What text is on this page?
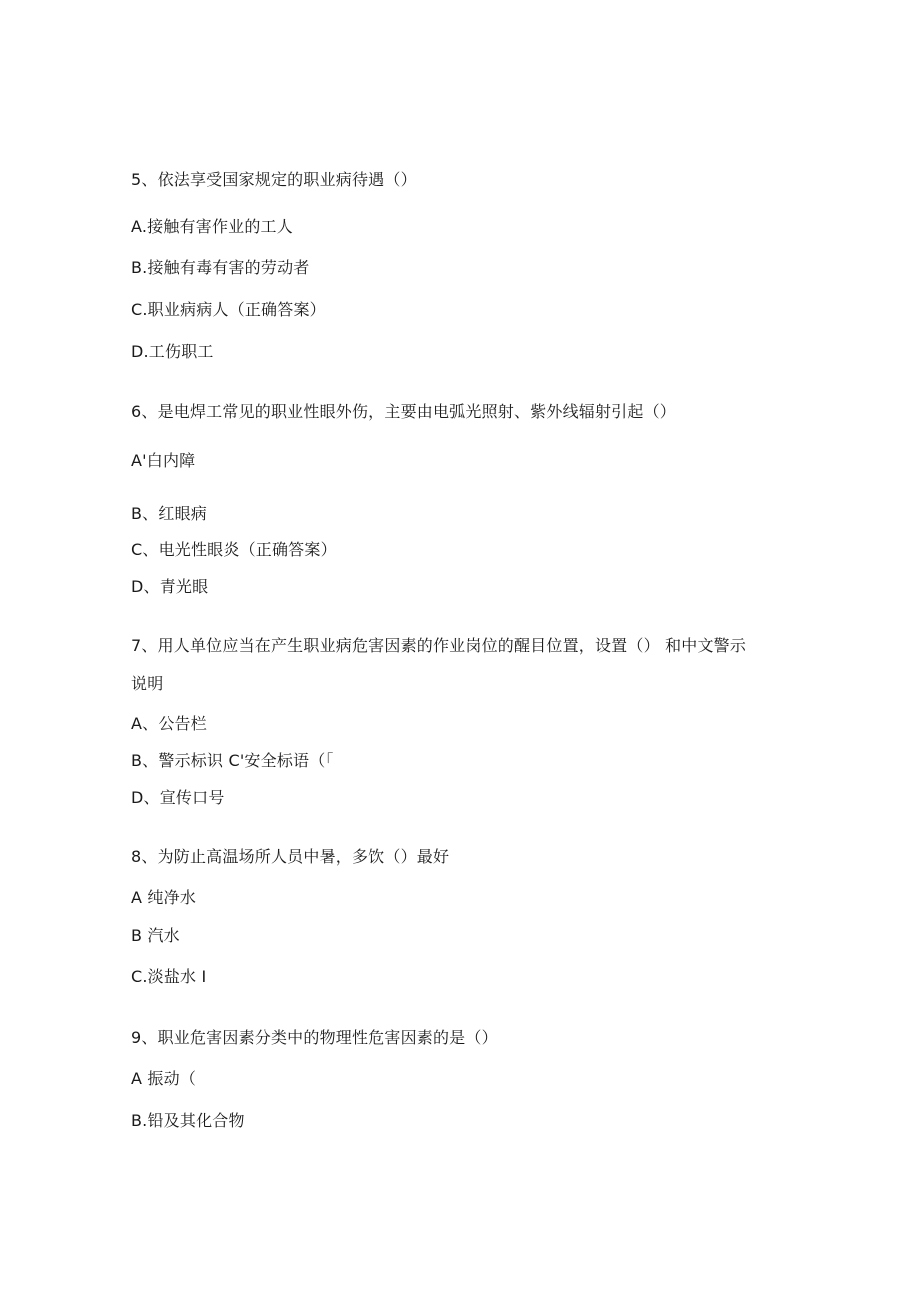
5、依法享受国家规定的职业病待遇（）
A.接触有害作业的工人
B.接触有毒有害的劳动者
C.职业病病人（正确答案）
D.工伤职工
6、是电焊工常见的职业性眼外伤，主要由电弧光照射、紫外线辐射引起（）
A'白内障
B、红眼病
C、电光性眼炎（正确答案）
D、青光眼
7、用人单位应当在产生职业病危害因素的作业岗位的醒目位置，设置（） 和中文警示
说明
A、公告栏
B、警示标识 C'安全标语（「
D、宣传口号
8、为防止高温场所人员中暑，多饮（）最好
A 纯净水
B 汽水
C.淡盐水 I
9、职业危害因素分类中的物理性危害因素的是（）
A 振动（
B.铅及其化合物
